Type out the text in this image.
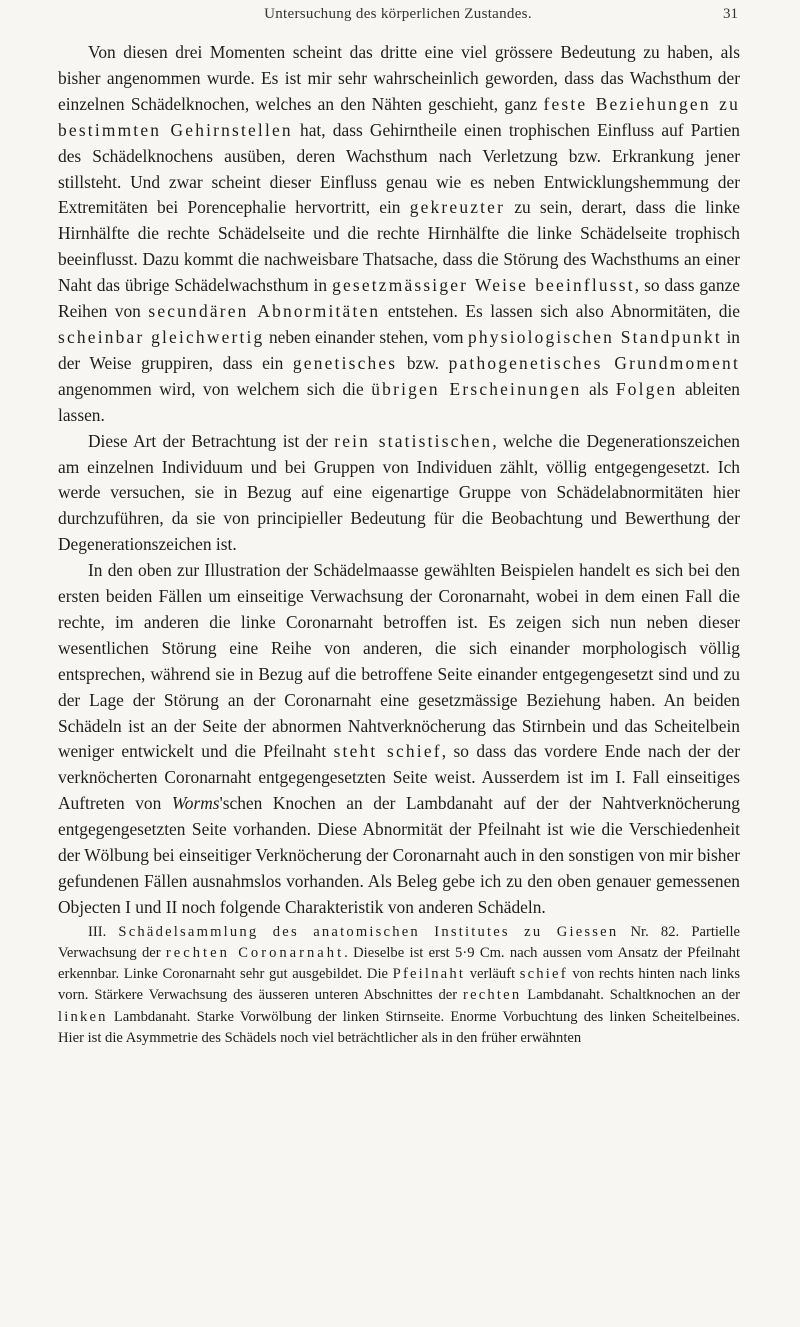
Untersuchung des körperlichen Zustandes.	31

Von diesen drei Momenten scheint das dritte eine viel grössere Bedeutung zu haben, als bisher angenommen wurde. Es ist mir sehr wahrscheinlich geworden, dass das Wachsthum der einzelnen Schädelknochen, welches an den Nähten geschieht, ganz feste Beziehungen zu bestimmten Gehirnstellen hat, dass Gehirntheile einen trophischen Einfluss auf Partien des Schädelknochens ausüben, deren Wachsthum nach Verletzung bzw. Erkrankung jener stillsteht. Und zwar scheint dieser Einfluss genau wie es neben Entwicklungshemmung der Extremitäten bei Porencephalie hervortritt, ein gekreuzter zu sein, derart, dass die linke Hirnhälfte die rechte Schädelseite und die rechte Hirnhälfte die linke Schädelseite trophisch beeinflusst. Dazu kommt die nachweisbare Thatsache, dass die Störung des Wachsthums an einer Naht das übrige Schädelwachsthum in gesetzmässiger Weise beeinflusst, so dass ganze Reihen von secundären Abnormitäten entstehen. Es lassen sich also Abnormitäten, die scheinbar gleichwertig neben einander stehen, vom physiologischen Standpunkt in der Weise gruppiren, dass ein genetisches bzw. pathogenetisches Grundmoment angenommen wird, von welchem sich die übrigen Erscheinungen als Folgen ableiten lassen.

Diese Art der Betrachtung ist der rein statistischen, welche die Degenerationszeichen am einzelnen Individuum und bei Gruppen von Individuen zählt, völlig entgegengesetzt. Ich werde versuchen, sie in Bezug auf eine eigenartige Gruppe von Schädelabnormitäten hier durchzuführen, da sie von principieller Bedeutung für die Beobachtung und Bewerthung der Degenerationszeichen ist.

In den oben zur Illustration der Schädelmaasse gewählten Beispielen handelt es sich bei den ersten beiden Fällen um einseitige Verwachsung der Coronarnaht, wobei in dem einen Fall die rechte, im anderen die linke Coronarnaht betroffen ist. Es zeigen sich nun neben dieser wesentlichen Störung eine Reihe von anderen, die sich einander morphologisch völlig entsprechen, während sie in Bezug auf die betroffene Seite einander entgegengesetzt sind und zu der Lage der Störung an der Coronarnaht eine gesetzmässige Beziehung haben. An beiden Schädeln ist an der Seite der abnormen Nahtverknöcherung das Stirnbein und das Scheitelbein weniger entwickelt und die Pfeilnaht steht schief, so dass das vordere Ende nach der der verknöcherten Coronarnaht entgegengesetzten Seite weist. Ausserdem ist im I. Fall einseitiges Auftreten von Worms'schen Knochen an der Lambdanaht auf der der Nahtverknöcherung entgegengesetzten Seite vorhanden. Diese Abnormität der Pfeilnaht ist wie die Verschiedenheit der Wölbung bei einseitiger Verknöcherung der Coronarnaht auch in den sonstigen von mir bisher gefundenen Fällen ausnahmslos vorhanden. Als Beleg gebe ich zu den oben genauer gemessenen Objecten I und II noch folgende Charakteristik von anderen Schädeln.

III. Schädelsammlung des anatomischen Institutes zu Giessen Nr. 82. Partielle Verwachsung der rechten Coronarnaht. Dieselbe ist erst 5·9 Cm. nach aussen vom Ansatz der Pfeilnaht erkennbar. Linke Coronarnaht sehr gut ausgebildet. Die Pfeilnaht verläuft schief von rechts hinten nach links vorn. Stärkere Verwachsung des äusseren unteren Abschnittes der rechten Lambdanaht. Schaltknochen an der linken Lambdanaht. Starke Vorwölbung der linken Stirnseite. Enorme Vorbuchtung des linken Scheitelbeines. Hier ist die Asymmetrie des Schädels noch viel beträchtlicher als in den früher erwähnten
